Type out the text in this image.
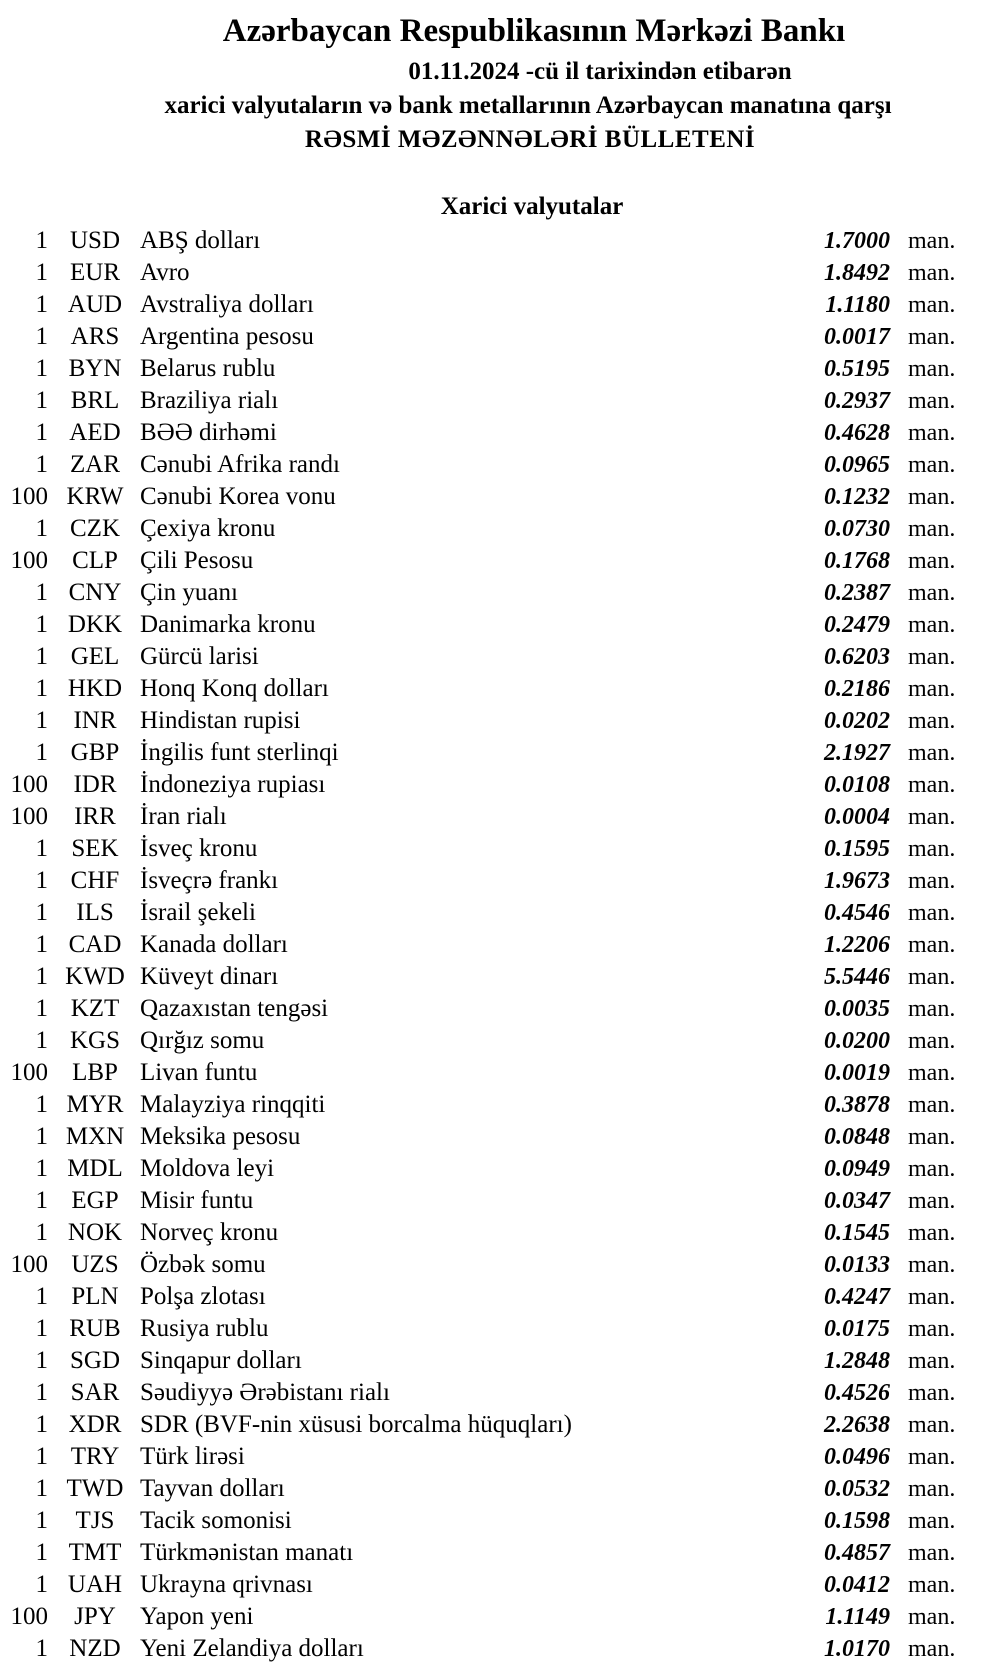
Azərbaycan Respublikasının Mərkəzi Bankı
01.11.2024 -cü il tarixindən etibarən
xarici valyutaların və bank metallarının Azərbaycan manatına qarşı
RƏSMİ MƏZƏNNƏLƏRİ BÜLLETENİ
Xarici valyutalar
1 USD ABŞ dolları	1.7000 man.
1 EUR Avro	1.8492 man.
1 AUD Avstraliya dolları	1.1180 man.
1 ARS Argentina pesosu	0.0017 man.
1 BYN Belarus rublu	0.5195 man.
1 BRL Braziliya rialı	0.2937 man.
1 AED BƏƏ dirhəmi	0.4628 man.
1 ZAR Cənubi Afrika randı	0.0965 man.
100 KRW Cənubi Korea vonu	0.1232 man.
1 CZK Çexiya kronu	0.0730 man.
100 CLP Çili Pesosu	0.1768 man.
1 CNY Çin yuanı	0.2387 man.
1 DKK Danimarka kronu	0.2479 man.
1 GEL Gürcü larisi	0.6203 man.
1 HKD Honq Konq dolları	0.2186 man.
1	INR Hindistan rupisi	0.0202 man.
1 GBP İngilis funt sterlinqi	2.1927 man.
100	IDR İndoneziya rupiası	0.0108 man.
100	IRR İran rialı	0.0004 man.
1 SEK İsveç kronu	0.1595 man.
1 CHF İsveçrə frankı	1.9673 man.
1	ILS	İsrail şekeli	0.4546 man.
1 CAD Kanada dolları	1.2206 man.
1 KWD Küveyt dinarı	5.5446 man.
1 KZT Qazaxıstan tengəsi	0.0035 man.
1 KGS Qırğız somu	0.0200 man.
100 LBP Livan funtu	0.0019 man.
1 MYR Malayziya rinqqiti	0.3878 man.
1 MXN Meksika pesosu	0.0848 man.
1 MDL Moldova leyi	0.0949 man.
1 EGP Misir funtu	0.0347 man.
1 NOK Norveç kronu	0.1545 man.
100 UZS Özbək somu	0.0133 man.
1 PLN Polşa zlotası	0.4247 man.
1 RUB Rusiya rublu	0.0175 man.
1 SGD Sinqapur dolları	1.2848 man.
1 SAR Səudiyyə Ərəbistanı rialı	0.4526 man.
1 XDR SDR (BVF-nin xüsusi borcalma hüquqları)	2.2638 man.
1 TRY Türk lirəsi	0.0496 man.
1 TWD Tayvan dolları	0.0532 man.
1	TJS	Tacik somonisi	0.1598 man.
1 TMT Türkmənistan manatı	0.4857 man.
1 UAH Ukrayna qrivnası	0.0412 man.
100	JPY Yapon yeni	1.1149 man.
1 NZD Yeni Zelandiya dolları	1.0170 man.
